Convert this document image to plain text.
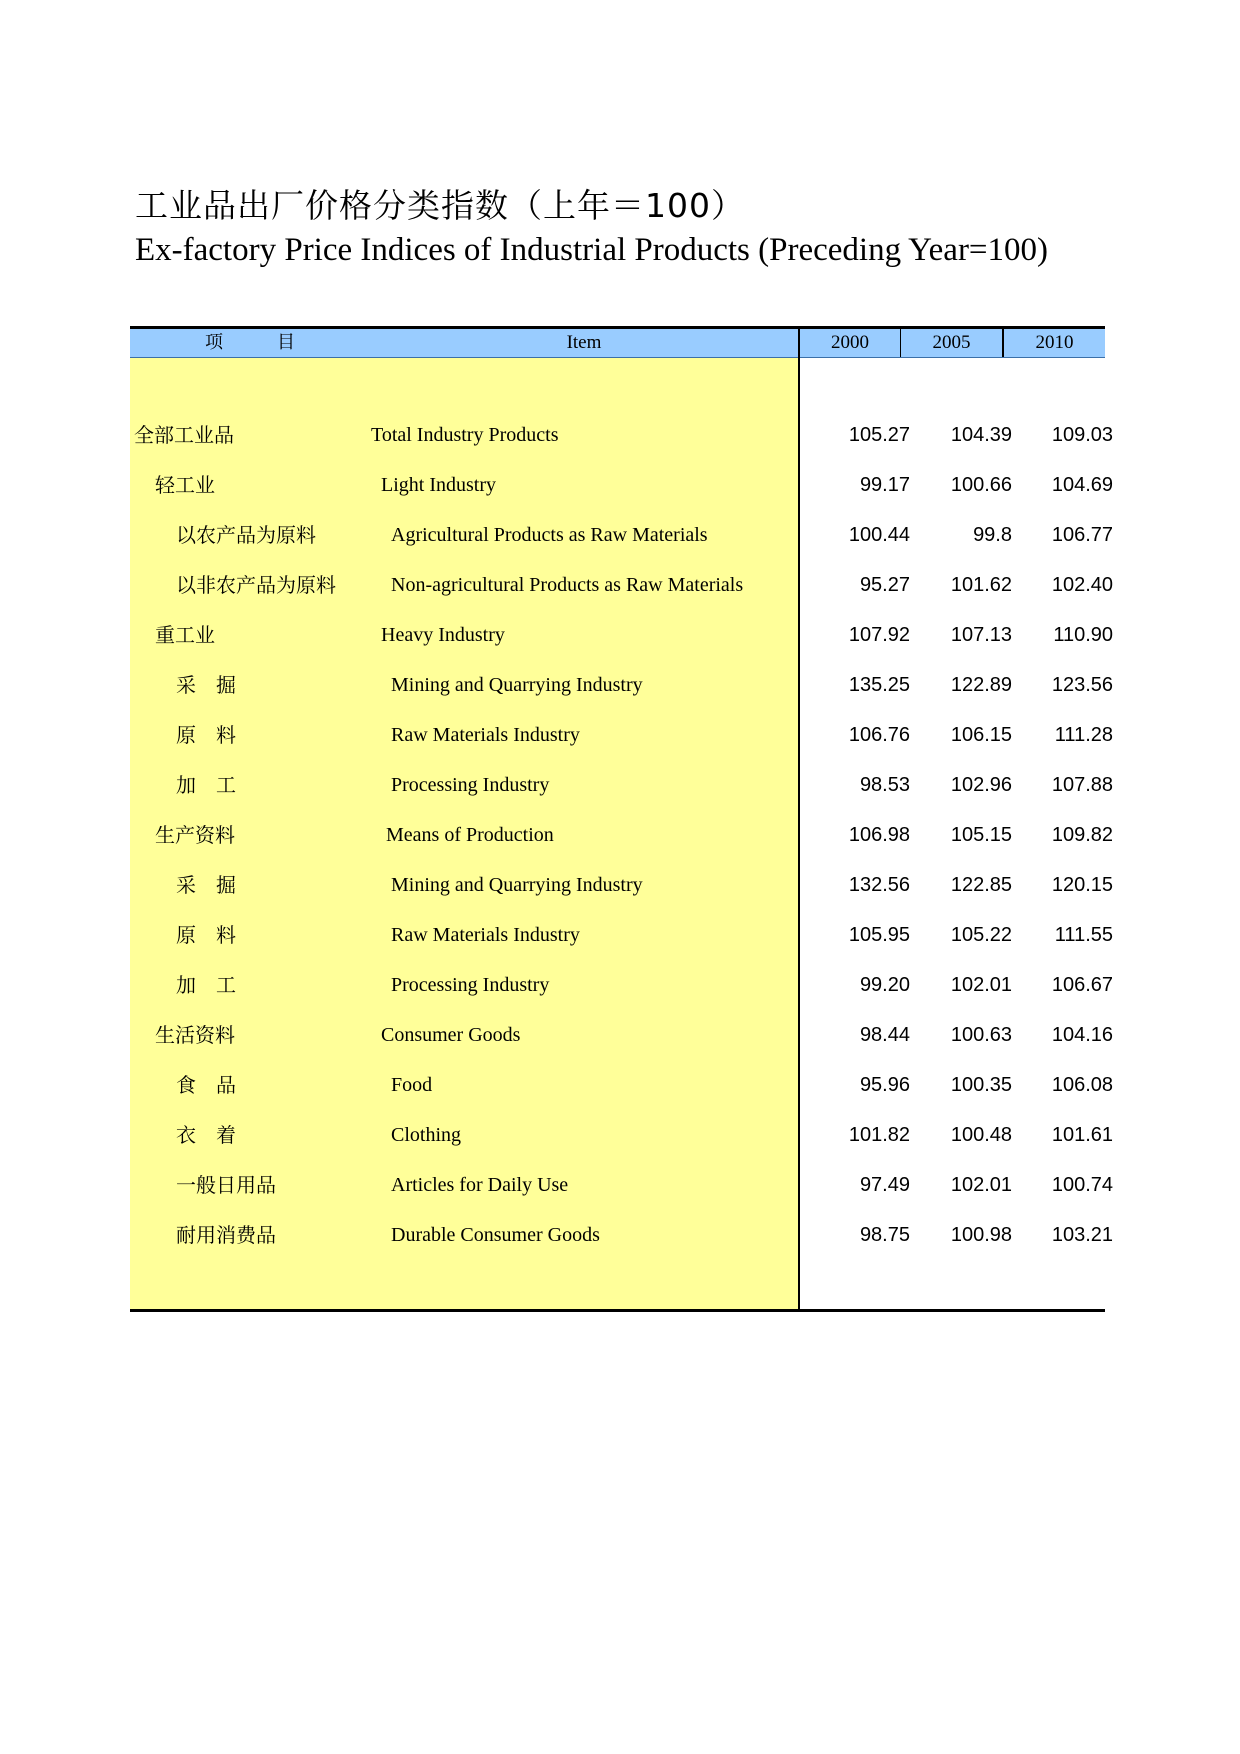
工业品出厂价格分类指数（上年＝100）
Ex-factory Price Indices of Industrial Products (Preceding Year=100)
项　　　目	Item	2000	2005	2010
全部工业品	Total Industry Products	105.27	104.39	109.03
轻工业	Light Industry	99.17	100.66	104.69
以农产品为原料	Agricultural Products as Raw Materials	100.44	99.8	106.77
以非农产品为原料	Non-agricultural Products as Raw Materials	95.27	101.62	102.40
重工业	Heavy Industry	107.92	107.13	110.90
采　掘	Mining and Quarrying Industry	135.25	122.89	123.56
原　料	Raw Materials Industry	106.76	106.15	111.28
加　工	Processing Industry	98.53	102.96	107.88
生产资料	Means of Production	106.98	105.15	109.82
采　掘	Mining and Quarrying Industry	132.56	122.85	120.15
原　料	Raw Materials Industry	105.95	105.22	111.55
加　工	Processing Industry	99.20	102.01	106.67
生活资料	Consumer Goods	98.44	100.63	104.16
食　品	Food	95.96	100.35	106.08
衣　着	Clothing	101.82	100.48	101.61
一般日用品	Articles for Daily Use	97.49	102.01	100.74
耐用消费品	Durable Consumer Goods	98.75	100.98	103.21
